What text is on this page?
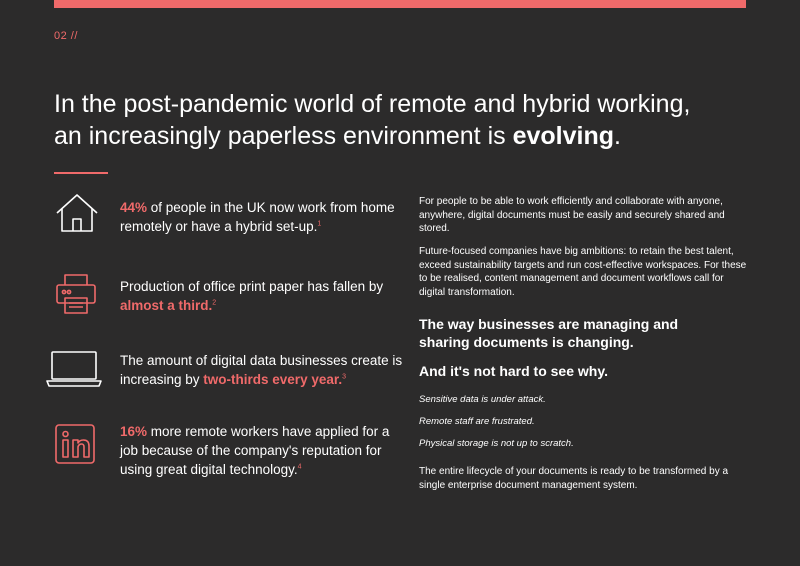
02 //
In the post-pandemic world of remote and hybrid working,
an increasingly paperless environment is evolving.
44% of people in the UK now work from home remotely or have a hybrid set-up.$^1$
Production of office print paper has fallen by almost a third.$^2$
The amount of digital data businesses create is increasing by two-thirds every year.$^3$
16% more remote workers have applied for a job because of the company's reputation for using great digital technology.$^4$
For people to be able to work efficiently and collaborate with anyone, anywhere, digital documents must be easily and securely shared and stored.
Future-focused companies have big ambitions: to retain the best talent, exceed sustainability targets and run cost-effective workspaces. For these to be realised, content management and document workflows call for digital transformation.
The way businesses are managing and sharing documents is changing.
And it's not hard to see why.
Sensitive data is under attack.
Remote staff are frustrated.
Physical storage is not up to scratch.
The entire lifecycle of your documents is ready to be transformed by a single enterprise document management system.
